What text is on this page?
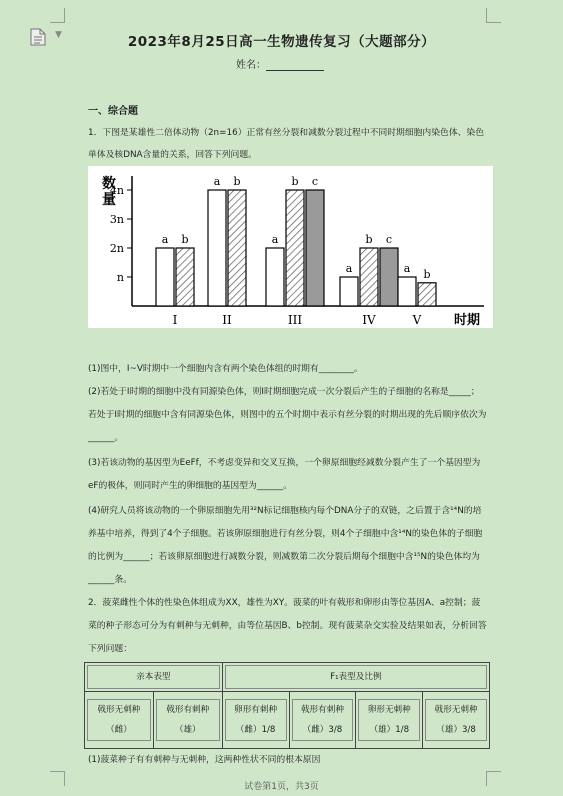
▼	2023年8月25日高一生物遗传复习（大题部分）
姓名：
一、综合题
1．下图是某雄性二倍体动物（2n=16）正常有丝分裂和减数分裂过程中不同时期细胞内染色体、染色单体及核DNA含量的关系，回答下列问题。
数
量
时期
n
2n
3n
4n
a b
I
a b
II
a
b c
III
a
b c
IV
a b
V
(1)图中，Ⅰ~Ⅴ时期中一个细胞内含有两个染色体组的时期有________。
(2)若处于Ⅰ时期的细胞中没有同源染色体，则Ⅰ时期细胞完成一次分裂后产生的子细胞的名称是_____；若处于Ⅰ时期的细胞中含有同源染色体，则图中的五个时期中表示有丝分裂的时期出现的先后顺序依次为______。
(3)若该动物的基因型为EeFf，不考虑变异和交叉互换，一个卵原细胞经减数分裂产生了一个基因型为eF的极体，则同时产生的卵细胞的基因型为______。
(4)研究人员将该动物的一个卵原细胞先用³²N标记细胞核内每个DNA分子的双链，之后置于含¹⁴N的培养基中培养，得到了4个子细胞。若该卵原细胞进行有丝分裂，则4个子细胞中含¹⁴N的染色体的子细胞的比例为______；若该卵原细胞进行减数分裂，则减数第二次分裂后期每个细胞中含¹⁵N的染色体均为______条。
2．菠菜雌性个体的性染色体组成为XX，雄性为XY。菠菜的叶有戟形和卵形由等位基因A、a控制；菠菜的种子形态可分为有刺种与无刺种，由等位基因B、b控制。现有菠菜杂交实验及结果如表，分析回答下列问题：
亲本表型		F₁表型及比例			

戟形无刺种（雌）	戟形有刺种（雄）	卵形有刺种（雌）1/8	戟形有刺种（雌）3/8	卵形无刺种（雄）1/8	戟形无刺种（雄）3/8
(1)菠菜种子有有刺种与无刺种，这两种性状不同的根本原因
试卷第1页，共3页
